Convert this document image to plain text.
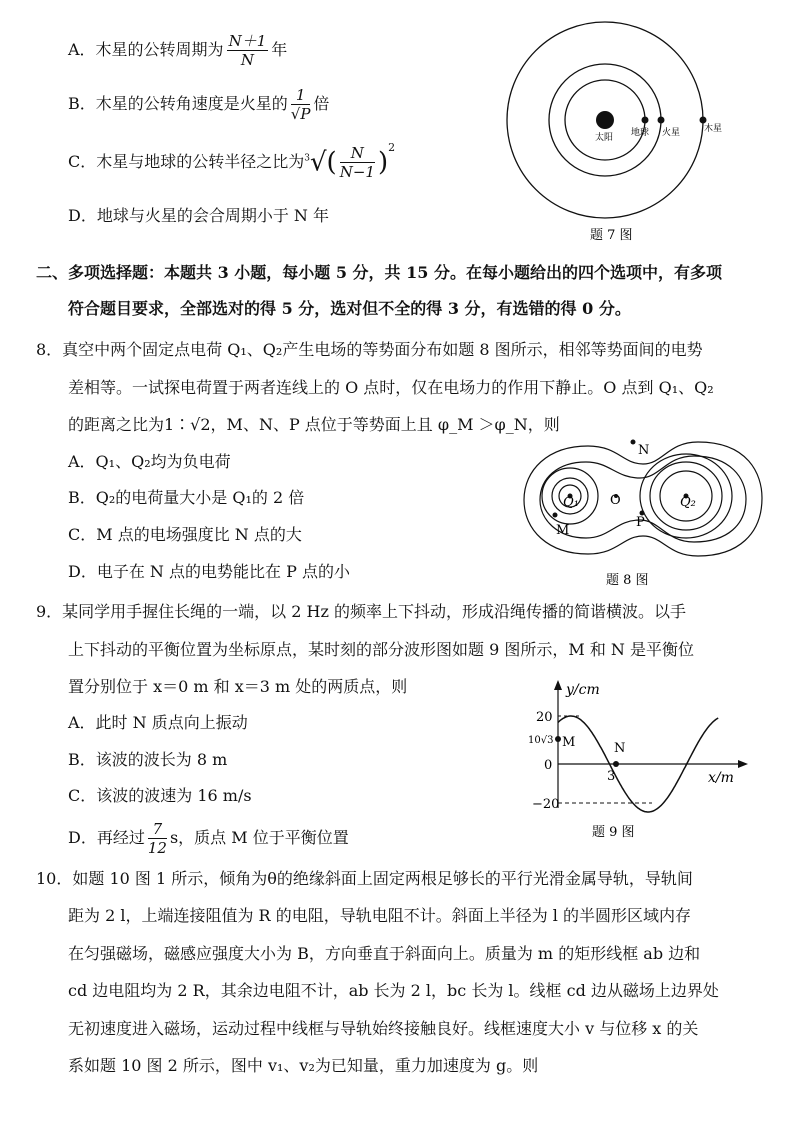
A．木星的公转周期为 $\frac{N+1}{N}$ 年
B．木星的公转角速度是火星的 $\frac{1}{√P}$ 倍
C．木星与地球的公转半径之比为$^3√( \frac{N}{N-1} )^2$
D．地球与火星的会合周期小于 N 年
太阳 地球 火星	木星
题 7 图
二、多项选择题：本题共 3 小题，每小题 5 分，共 15 分。在每小题给出的四个选项中，有多项
符合题目要求，全部选对的得 5 分，选对但不全的得 3 分，有选错的得 0 分。
8．真空中两个固定点电荷 Q₁、Q₂产生电场的等势面分布如题 8 图所示，相邻等势面间的电势
差相等。一试探电荷置于两者连线上的 O 点时，仅在电场力的作用下静止。O 点到 Q₁、Q₂
的距离之比为1∶√2，M、N、P 点位于等势面上且 φ_M ＞φ_N，则
A．Q₁、Q₂均为负电荷
B．Q₂的电荷量大小是 Q₁的 2 倍
C．M 点的电场强度比 N 点的大
D．电子在 N 点的电势能比在 P 点的小
Q₁	Q₂
O
N
M
P
题 8 图
9．某同学用手握住长绳的一端，以 2 Hz 的频率上下抖动，形成沿绳传播的简谐横波。以手
上下抖动的平衡位置为坐标原点，某时刻的部分波形图如题 9 图所示，M 和 N 是平衡位
置分别位于 x＝0 m 和 x＝3 m 处的两质点，则
A．此时 N 质点向上振动
B．该波的波长为 8 m
C．该波的波速为 16 m/s
D．再经过 $\frac{7}{12}$ s，质点 M 位于平衡位置
y/cm
x/m
20
10√3
0
−20
3
M	N
题 9 图
10．如题 10 图 1 所示，倾角为θ的绝缘斜面上固定两根足够长的平行光滑金属导轨，导轨间
距为 2 l，上端连接阻值为 R 的电阻，导轨电阻不计。斜面上半径为 l 的半圆形区域内存
在匀强磁场，磁感应强度大小为 B，方向垂直于斜面向上。质量为 m 的矩形线框 ab 边和
cd 边电阻均为 2 R，其余边电阻不计，ab 长为 2 l，bc 长为 l。线框 cd 边从磁场上边界处
无初速度进入磁场，运动过程中线框与导轨始终接触良好。线框速度大小 v 与位移 x 的关
系如题 10 图 2 所示，图中 v₁、v₂为已知量，重力加速度为 g。则
